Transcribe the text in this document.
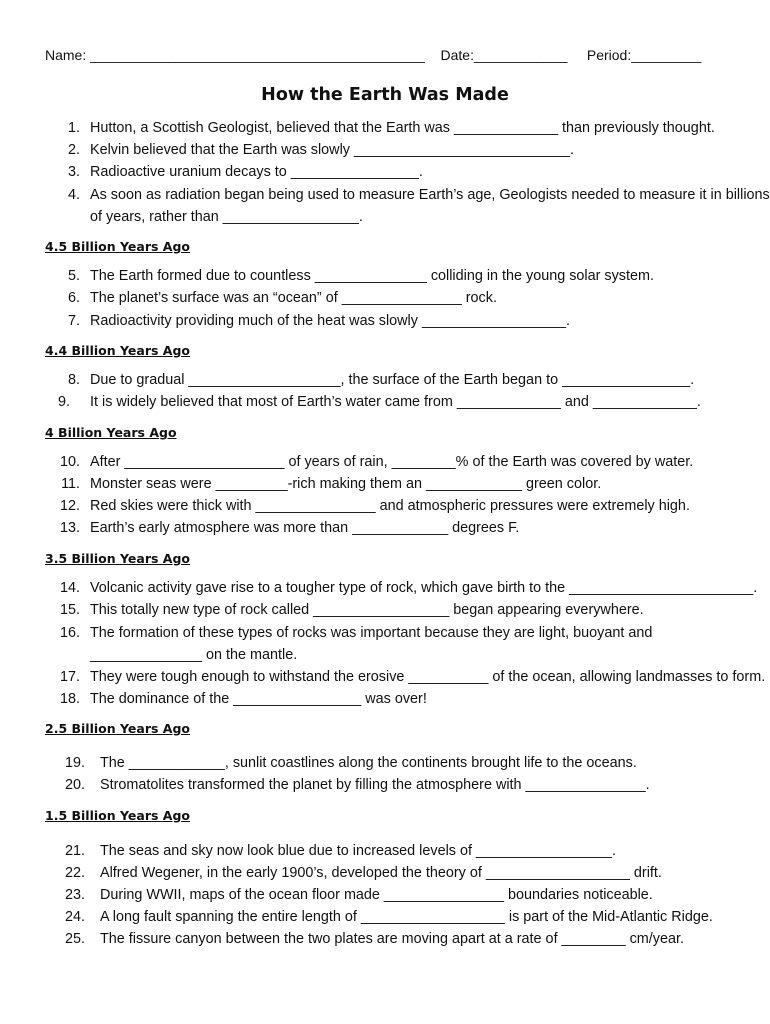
Name: ___________________________________________ Date:____________ Period:_________
How the Earth Was Made
4.5 Billion Years Ago
4.4 Billion Years Ago
4 Billion Years Ago
3.5 Billion Years Ago
2.5 Billion Years Ago
1.5 Billion Years Ago
1. Hutton, a Scottish Geologist, believed that the Earth was _____________ than previously thought.
2. Kelvin believed that the Earth was slowly ___________________________.
3. Radioactive uranium decays to ________________.
4. As soon as radiation began being used to measure Earth’s age, Geologists needed to measure it in billions
of years, rather than _________________.
5. The Earth formed due to countless ______________ colliding in the young solar system.
6. The planet’s surface was an “ocean” of _______________ rock.
7. Radioactivity providing much of the heat was slowly __________________.
8. Due to gradual ___________________, the surface of the Earth began to ________________.
9. It is widely believed that most of Earth’s water came from _____________ and _____________.
10. After ____________________ of years of rain, ________% of the Earth was covered by water.
11. Monster seas were _________-rich making them an ____________ green color.
12. Red skies were thick with _______________ and atmospheric pressures were extremely high.
13. Earth’s early atmosphere was more than ____________ degrees F.
14. Volcanic activity gave rise to a tougher type of rock, which gave birth to the _______________________.
15. This totally new type of rock called _________________ began appearing everywhere.
16. The formation of these types of rocks was important because they are light, buoyant and
______________ on the mantle.
17. They were tough enough to withstand the erosive __________ of the ocean, allowing landmasses to form.
18. The dominance of the ________________ was over!
19. The ____________, sunlit coastlines along the continents brought life to the oceans.
20. Stromatolites transformed the planet by filling the atmosphere with _______________.
21. The seas and sky now look blue due to increased levels of _________________.
22. Alfred Wegener, in the early 1900’s, developed the theory of __________________ drift.
23. During WWII, maps of the ocean floor made _______________ boundaries noticeable.
24. A long fault spanning the entire length of __________________ is part of the Mid-Atlantic Ridge.
25. The fissure canyon between the two plates are moving apart at a rate of ________ cm/year.
